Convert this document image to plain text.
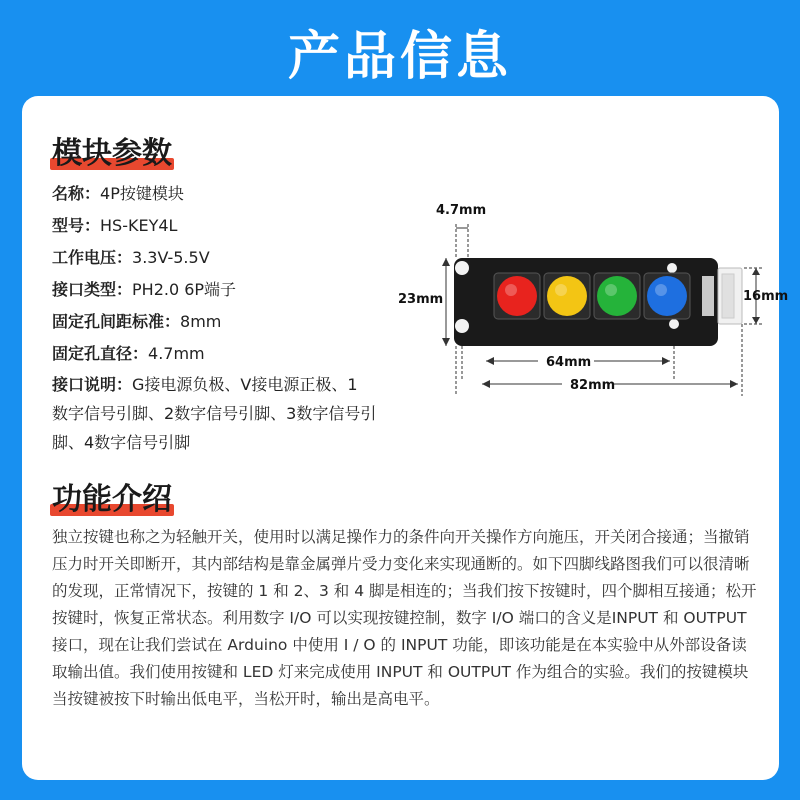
产品信息
模块参数
名称：4P按键模块
型号：HS-KEY4L
工作电压：3.3V-5.5V
接口类型：PH2.0 6P端子
固定孔间距标准：8mm
固定孔直径：4.7mm
接口说明：G接电源负极、V接电源正极、1　数字信号引脚、2数字信号引脚、3数字信号引脚、4数字信号引脚
4.7mm
23mm	16mm
64mm
82mm
功能介绍

独立按键也称之为轻触开关，使用时以满足操作力的条件向开关操作方向施压，开关闭合接通；当撤销压力时开关即断开，其内部结构是靠金属弹片受力变化来实现通断的。如下四脚线路图我们可以很清晰的发现，正常情况下，按键的 1 和 2、3 和 4 脚是相连的；当我们按下按键时，四个脚相互接通；松开按键时，恢复正常状态。利用数字 I/O 可以实现按键控制，数字 I/O 端口的含义是INPUT 和 OUTPUT 接口，现在让我们尝试在 Arduino 中使用 I / O 的 INPUT 功能，即该功能是在本实验中从外部设备读取输出值。我们使用按键和 LED 灯来完成使用 INPUT 和 OUTPUT 作为组合的实验。我们的按键模块当按键被按下时输出低电平，当松开时，输出是高电平。
